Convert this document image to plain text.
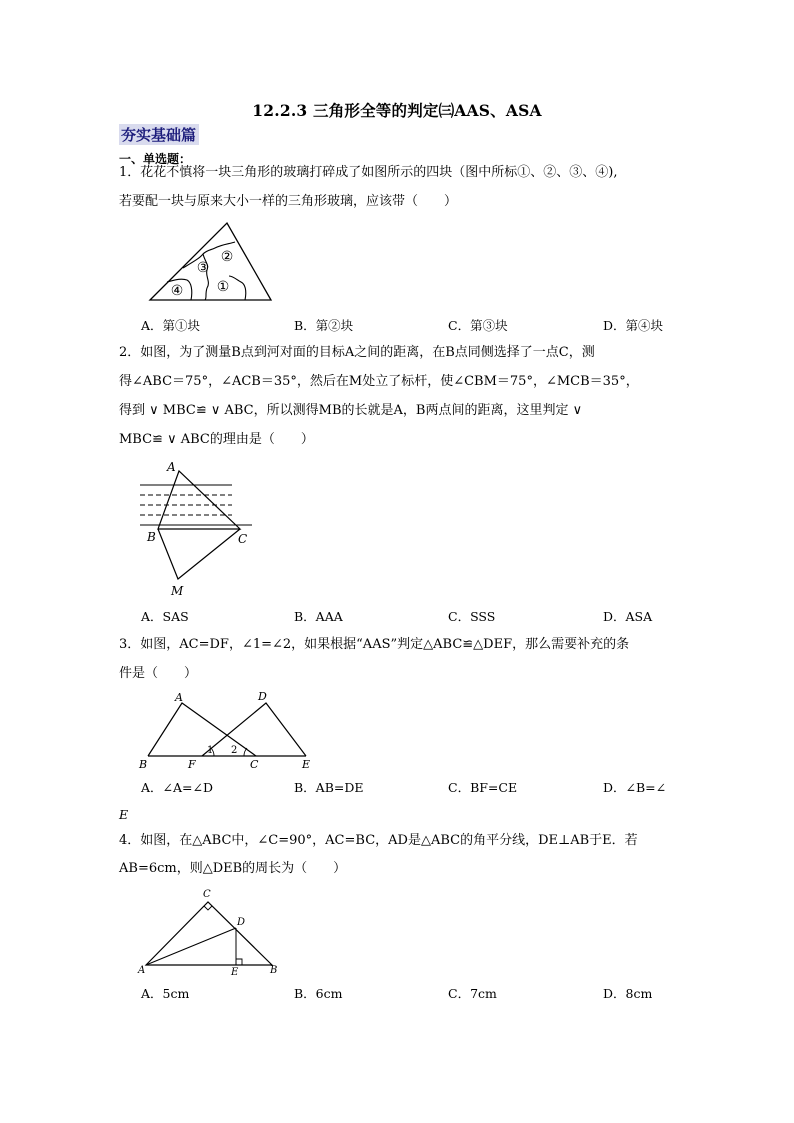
12.2.3 三角形全等的判定㈢AAS、ASA
夯实基础篇
一、单选题：
1．花花不慎将一块三角形的玻璃打碎成了如图所示的四块（图中所标①、②、③、④),
若要配一块与原来大小一样的三角形玻璃，应该带（　　）
②
③
④ ①
A．第①块	B．第②块	C．第③块	D．第④块
2．如图，为了测量B点到河对面的目标A之间的距离，在B点同侧选择了一点C，测
得∠ABC＝75°，∠ACB＝35°，然后在M处立了标杆，使∠CBM＝75°，∠MCB＝35°，
得到 ∨ MBC≌ ∨ ABC，所以测得MB的长就是A，B两点间的距离，这里判定 ∨
MBC≌ ∨ ABC的理由是（　　）
A
B	C
M
A．SAS	B．AAA	C．SSS	D．ASA
3．如图，AC=DF，∠1=∠2，如果根据“AAS”判定△ABC≌△DEF，那么需要补充的条
件是（　　）
A	D
1 2
B	F	C	E
A．∠A=∠D	B．AB=DE	C．BF=CE	D．∠B=∠
E
4．如图，在△ABC中，∠C=90°，AC=BC，AD是△ABC的角平分线，DE⊥AB于E．若
AB=6cm，则△DEB的周长为（　　）
C
D
A	E	B
A．5cm	B．6cm	C．7cm	D．8cm
